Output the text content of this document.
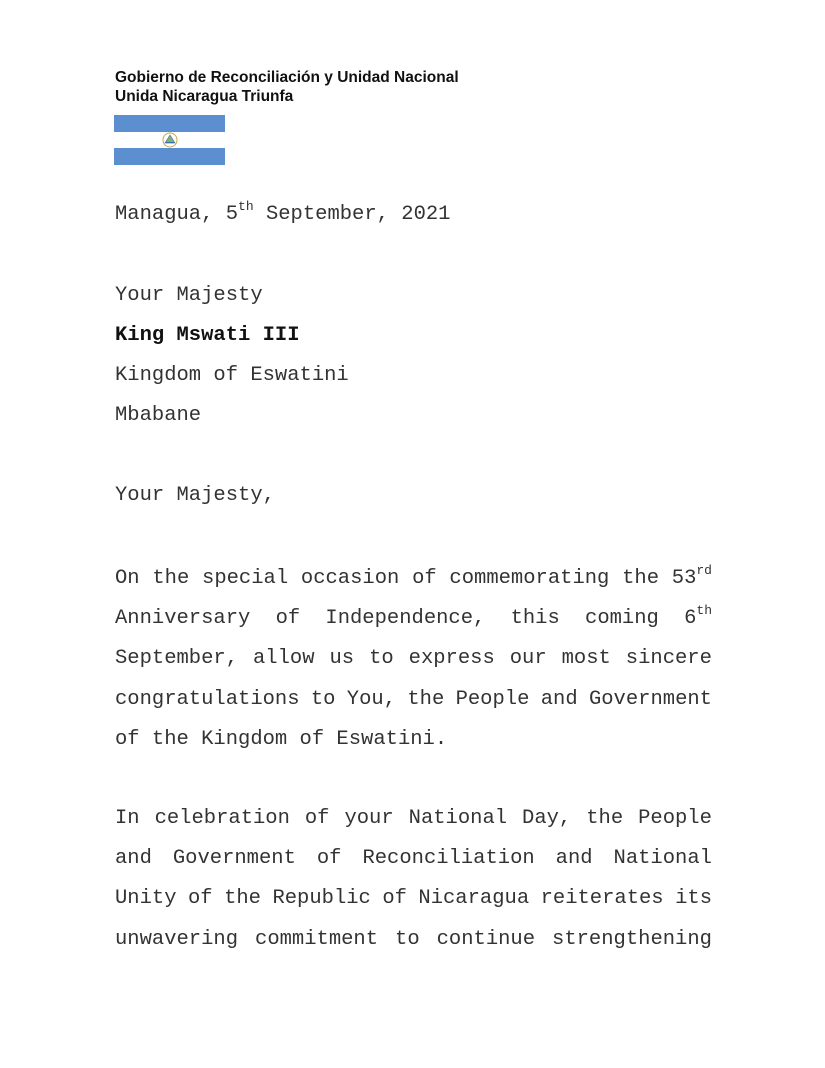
Gobierno de Reconciliación y Unidad Nacional
Unida Nicaragua Triunfa
Managua, 5th September, 2021
Your Majesty
King Mswati III
Kingdom of Eswatini
Mbabane
Your Majesty,
On the special occasion of commemorating the 53rd
Anniversary of Independence, this coming 6th
September, allow us to express our most sincere
congratulations to You, the People and Government
of the Kingdom of Eswatini.
In celebration of your National Day, the People
and Government of Reconciliation and National
Unity of the Republic of Nicaragua reiterates its
unwavering commitment to continue strengthening
